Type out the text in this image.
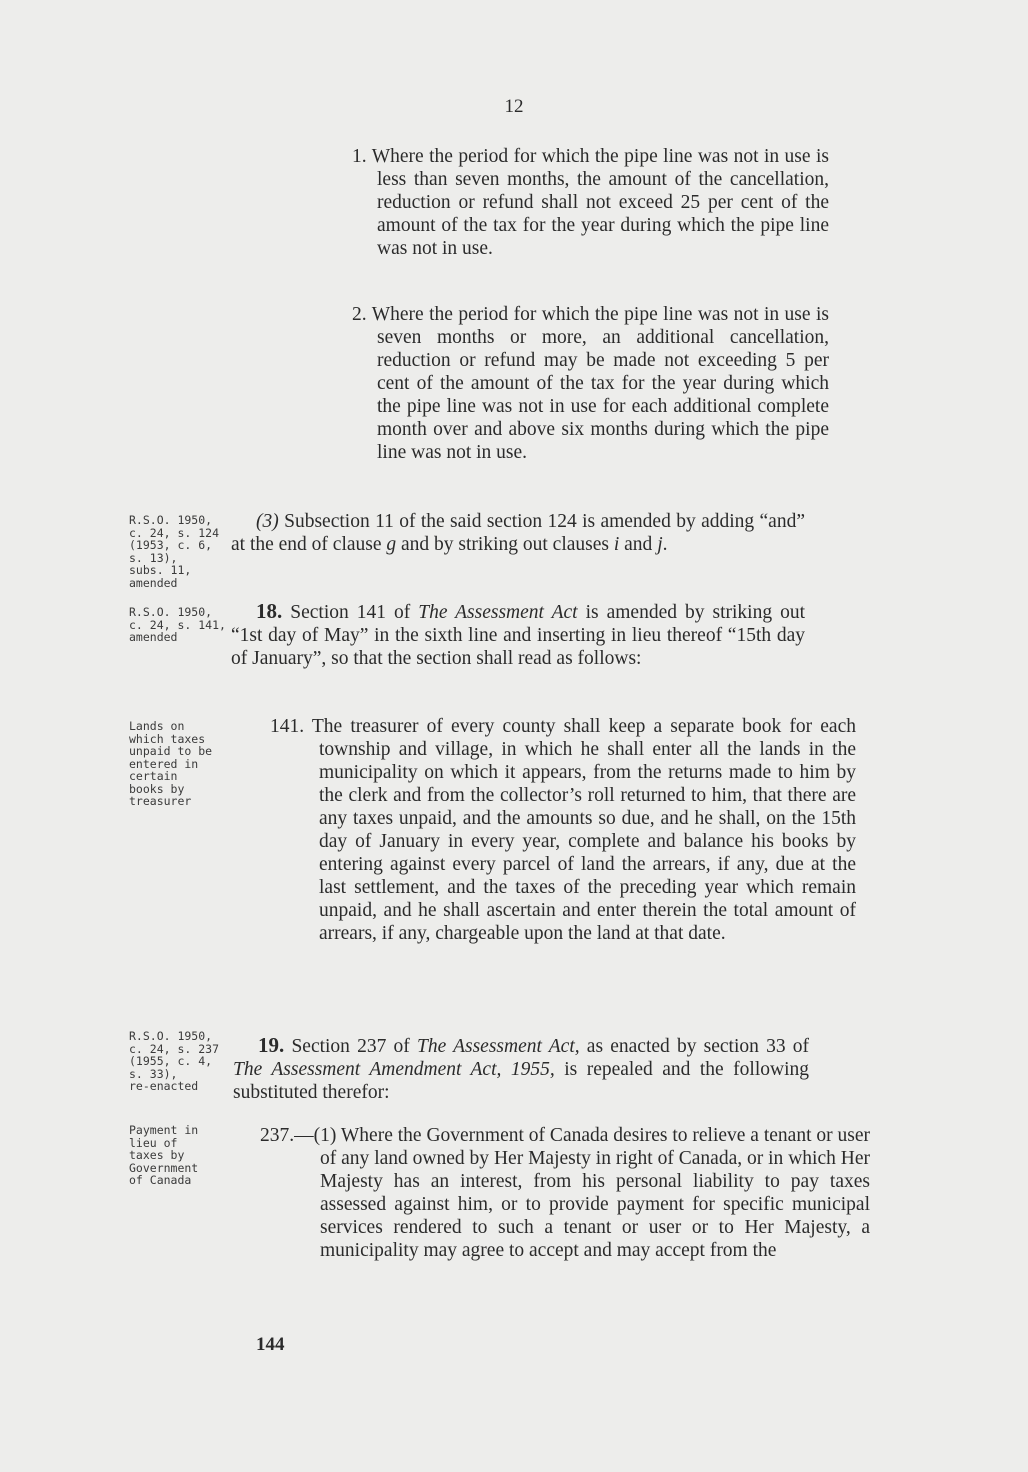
12

1. Where the period for which the pipe line was not in use is less than seven months, the amount of the cancellation, reduction or refund shall not exceed 25 per cent of the amount of the tax for the year during which the pipe line was not in use.

2. Where the period for which the pipe line was not in use is seven months or more, an additional cancellation, reduction or refund may be made not exceeding 5 per cent of the amount of the tax for the year during which the pipe line was not in use for each additional complete month over and above six months during which the pipe line was not in use.

R.S.O. 1950,
c. 24, s. 124
(1953, c. 6,
s. 13),
subs. 11,
amended

(3) Subsection 11 of the said section 124 is amended by adding “and” at the end of clause g and by striking out clauses i and j.

R.S.O. 1950,
c. 24, s. 141,
amended

18. Section 141 of The Assessment Act is amended by striking out “1st day of May” in the sixth line and inserting in lieu thereof “15th day of January”, so that the section shall read as follows:

Lands on
which taxes
unpaid to be
entered in
certain
books by
treasurer

141. The treasurer of every county shall keep a separate book for each township and village, in which he shall enter all the lands in the municipality on which it appears, from the returns made to him by the clerk and from the collector’s roll returned to him, that there are any taxes unpaid, and the amounts so due, and he shall, on the 15th day of January in every year, complete and balance his books by entering against every parcel of land the arrears, if any, due at the last settlement, and the taxes of the preceding year which remain unpaid, and he shall ascertain and enter therein the total amount of arrears, if any, chargeable upon the land at that date.

R.S.O. 1950,
c. 24, s. 237
(1955, c. 4,
s. 33),
re-enacted

19. Section 237 of The Assessment Act, as enacted by section 33 of The Assessment Amendment Act, 1955, is repealed and the following substituted therefor:

Payment in
lieu of
taxes by
Government
of Canada

237.—(1) Where the Government of Canada desires to relieve a tenant or user of any land owned by Her Majesty in right of Canada, or in which Her Majesty has an interest, from his personal liability to pay taxes assessed against him, or to provide payment for specific municipal services rendered to such a tenant or user or to Her Majesty, a municipality may agree to accept and may accept from the

144
